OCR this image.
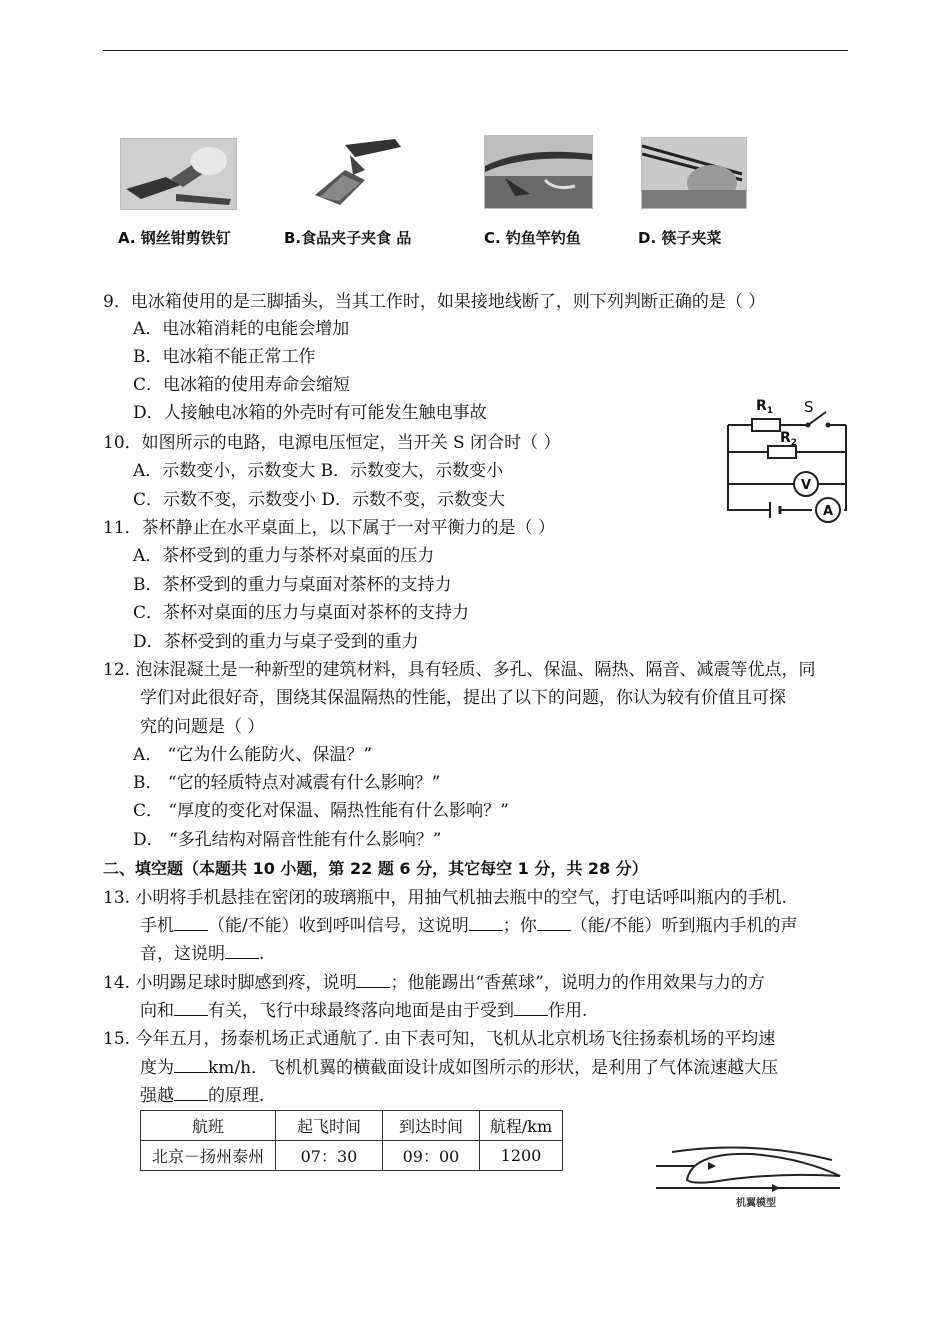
A. 钢丝钳剪铁钉	B.食品夹子夹食 品	C. 钓鱼竿钓鱼	D. 筷子夹菜
9．电冰箱使用的是三脚插头，当其工作时，如果接地线断了，则下列判断正确的是（ ）
A．电冰箱消耗的电能会增加
B．电冰箱不能正常工作
C．电冰箱的使用寿命会缩短
D．人接触电冰箱的外壳时有可能发生触电事故
10．如图所示的电路，电源电压恒定，当开关 S 闭合时（ ）
A．示数变小，示数变大 B．示数变大，示数变小
C．示数不变，示数变小 D．示数不变，示数变大
$R_1$
$R_2$
S
V
A
11．茶杯静止在水平桌面上，以下属于一对平衡力的是（ ）
A．茶杯受到的重力与茶杯对桌面的压力
B．茶杯受到的重力与桌面对茶杯的支持力
C．茶杯对桌面的压力与桌面对茶杯的支持力
D．茶杯受到的重力与桌子受到的重力
12. 泡沫混凝土是一种新型的建筑材料，具有轻质、多孔、保温、隔热、隔音、减震等优点，同
学们对此很好奇，围绕其保温隔热的性能，提出了以下的问题，你认为较有价值且可探
究的问题是（ ）
A． “它为什么能防火、保温？”
B． “它的轻质特点对减震有什么影响？”
C． “厚度的变化对保温、隔热性能有什么影响？”
D． “多孔结构对隔音性能有什么影响？”
二、填空题（本题共 10 小题，第 22 题 6 分，其它每空 1 分，共 28 分）
13. 小明将手机悬挂在密闭的玻璃瓶中，用抽气机抽去瓶中的空气，打电话呼叫瓶内的手机.
手机 （能/不能）收到呼叫信号，这说明 ；你 （能/不能）听到瓶内手机的声
音，这说明 .
14. 小明踢足球时脚感到疼，说明 ；他能踢出“香蕉球”，说明力的作用效果与力的方
向和 有关，飞行中球最终落向地面是由于受到 作用.
15. 今年五月，扬泰机场正式通航了. 由下表可知，飞机从北京机场飞往扬泰机场的平均速
度为 km/h．飞机机翼的横截面设计成如图所示的形状，是利用了气体流速越大压
强越 的原理.
航班	起飞时间	到达时间	航程/km
北京－扬州泰州	07：30	09：00	1200
机翼模型
